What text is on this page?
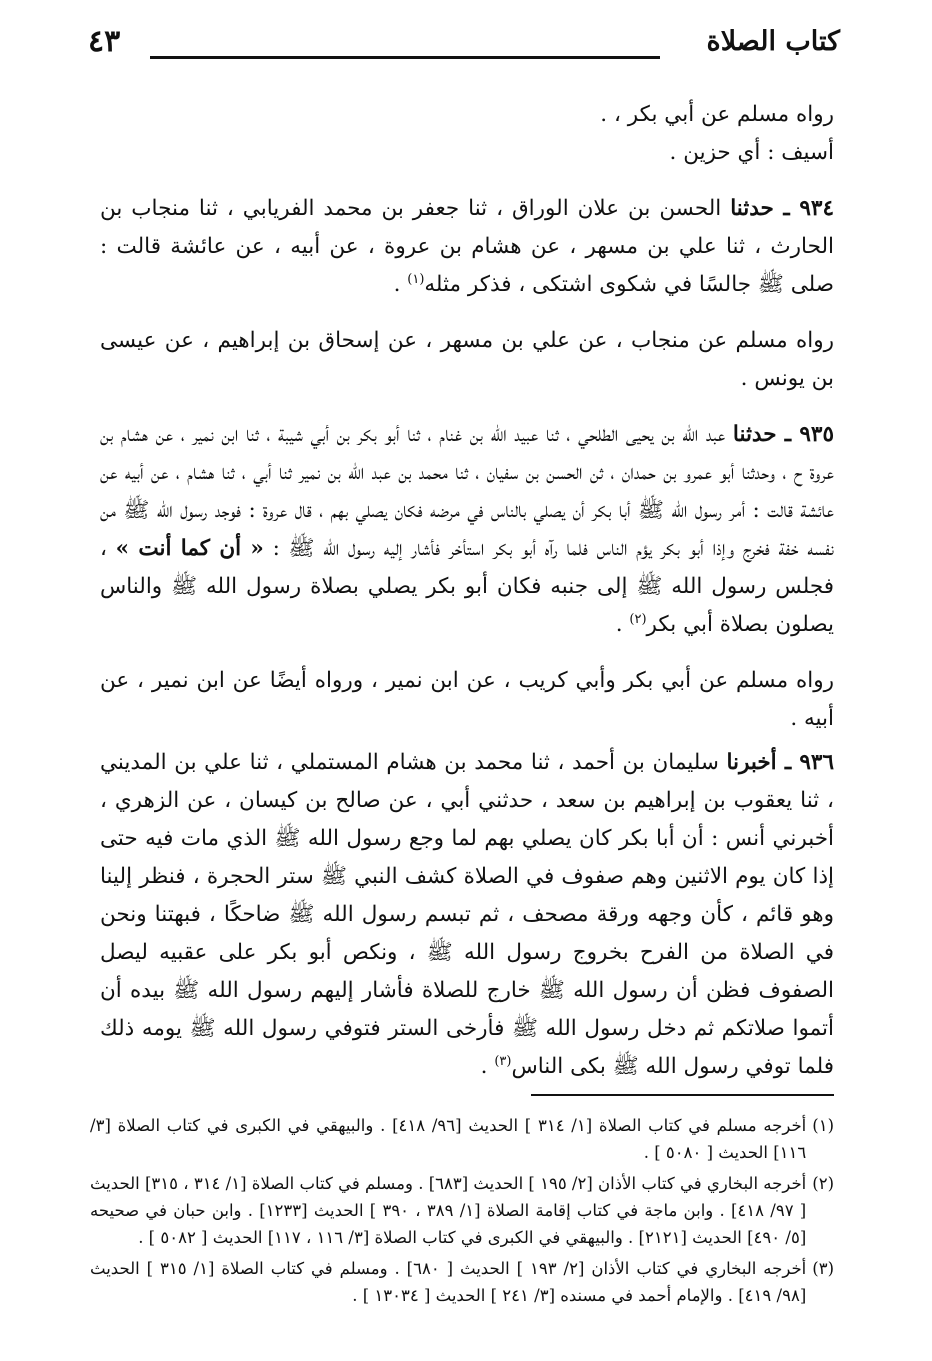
كتاب الصلاة
٤٣

رواه مسلم عن أبي بكر ، .

أسيف : أي حزين .

٩٣٤ ـ حدثنا الحسن بن علان الوراق ، ثنا جعفر بن محمد الفريابي ، ثنا منجاب بن الحارث ، ثنا علي بن مسهر ، عن هشام بن عروة ، عن أبيه ، عن عائشة قالت : صلى ﷺ جالسًا في شكوى اشتكى ، فذكر مثله$^{(١)}$ .

رواه مسلم عن منجاب ، عن علي بن مسهر ، عن إسحاق بن إبراهيم ، عن عيسى بن يونس .

٩٣٥ ـ حدثنا عبد الله بن يحيى الطلحي ، ثنا عبيد الله بن غنام ، ثنا أبو بكر بن أبي شيبة ، ثنا ابن نمير ، عن هشام بن عروة ح ، وحدثنا أبو عمرو بن حمدان ، ثن الحسن بن سفيان ، ثنا محمد بن عبد الله بن نمير ثنا أبي ، ثنا هشام ، عن أبيه عن عائشة قالت : أمر رسول الله ﷺ أبا بكر أن يصلي بالناس في مرضه فكان يصلي بهم ، قال عروة : فوجد رسول الله ﷺ من نفسه خفة فخرج وإذا أبو بكر يؤم الناس فلما رآه أبو بكر استأخر فأشار إليه رسول الله ﷺ : « أن كما أنت » ، فجلس رسول الله ﷺ إلى جنبه فكان أبو بكر يصلي بصلاة رسول الله ﷺ والناس يصلون بصلاة أبي بكر$^{(٢)}$ .

رواه مسلم عن أبي بكر وأبي كريب ، عن ابن نمير ، ورواه أيضًا عن ابن نمير ، عن أبيه .

٩٣٦ ـ أخبرنا سليمان بن أحمد ، ثنا محمد بن هشام المستملي ، ثنا علي بن المديني ، ثنا يعقوب بن إبراهيم بن سعد ، حدثني أبي ، عن صالح بن كيسان ، عن الزهري ، أخبرني أنس : أن أبا بكر كان يصلي بهم لما وجع رسول الله ﷺ الذي مات فيه حتى إذا كان يوم الاثنين وهم صفوف في الصلاة كشف النبي ﷺ ستر الحجرة ، فنظر إلينا وهو قائم ، كأن وجهه ورقة مصحف ، ثم تبسم رسول الله ﷺ ضاحكًا ، فبهتنا ونحن في الصلاة من الفرح بخروج رسول الله ﷺ ، ونكص أبو بكر على عقبيه ليصل الصفوف فظن أن رسول الله ﷺ خارج للصلاة فأشار إليهم رسول الله ﷺ بيده أن أتموا صلاتكم ثم دخل رسول الله ﷺ فأرخى الستر فتوفي رسول الله ﷺ يومه ذلك فلما توفي رسول الله ﷺ بكى الناس$^{(٣)}$ .

(١)
أخرجه مسلم في كتاب الصلاة [١/ ٣١٤ ] الحديث [٩٦/ ٤١٨] . والبيهقي في الكبرى في كتاب الصلاة [٣/ ١١٦] الحديث [ ٥٠٨٠ ] .
(٢)
أخرجه البخاري في كتاب الأذان [٢/ ١٩٥ ] الحديث [٦٨٣] . ومسلم في كتاب الصلاة [١/ ٣١٤ ، ٣١٥] الحديث [ ٩٧/ ٤١٨] . وابن ماجة في كتاب إقامة الصلاة [١/ ٣٨٩ ، ٣٩٠ ] الحديث [١٢٣٣] . وابن حبان في صحيحه [٥/ ٤٩٠] الحديث [٢١٢١] . والبيهقي في الكبرى في كتاب الصلاة [٣/ ١١٦ ، ١١٧] الحديث [ ٥٠٨٢ ] .
(٣)
أخرجه البخاري في كتاب الأذان [٢/ ١٩٣ ] الحديث [ ٦٨٠] . ومسلم في كتاب الصلاة [١/ ٣١٥ ] الحديث [٩٨/ ٤١٩] . والإمام أحمد في مسنده [٣/ ٢٤١ ] الحديث [ ١٣٠٣٤ ] .
